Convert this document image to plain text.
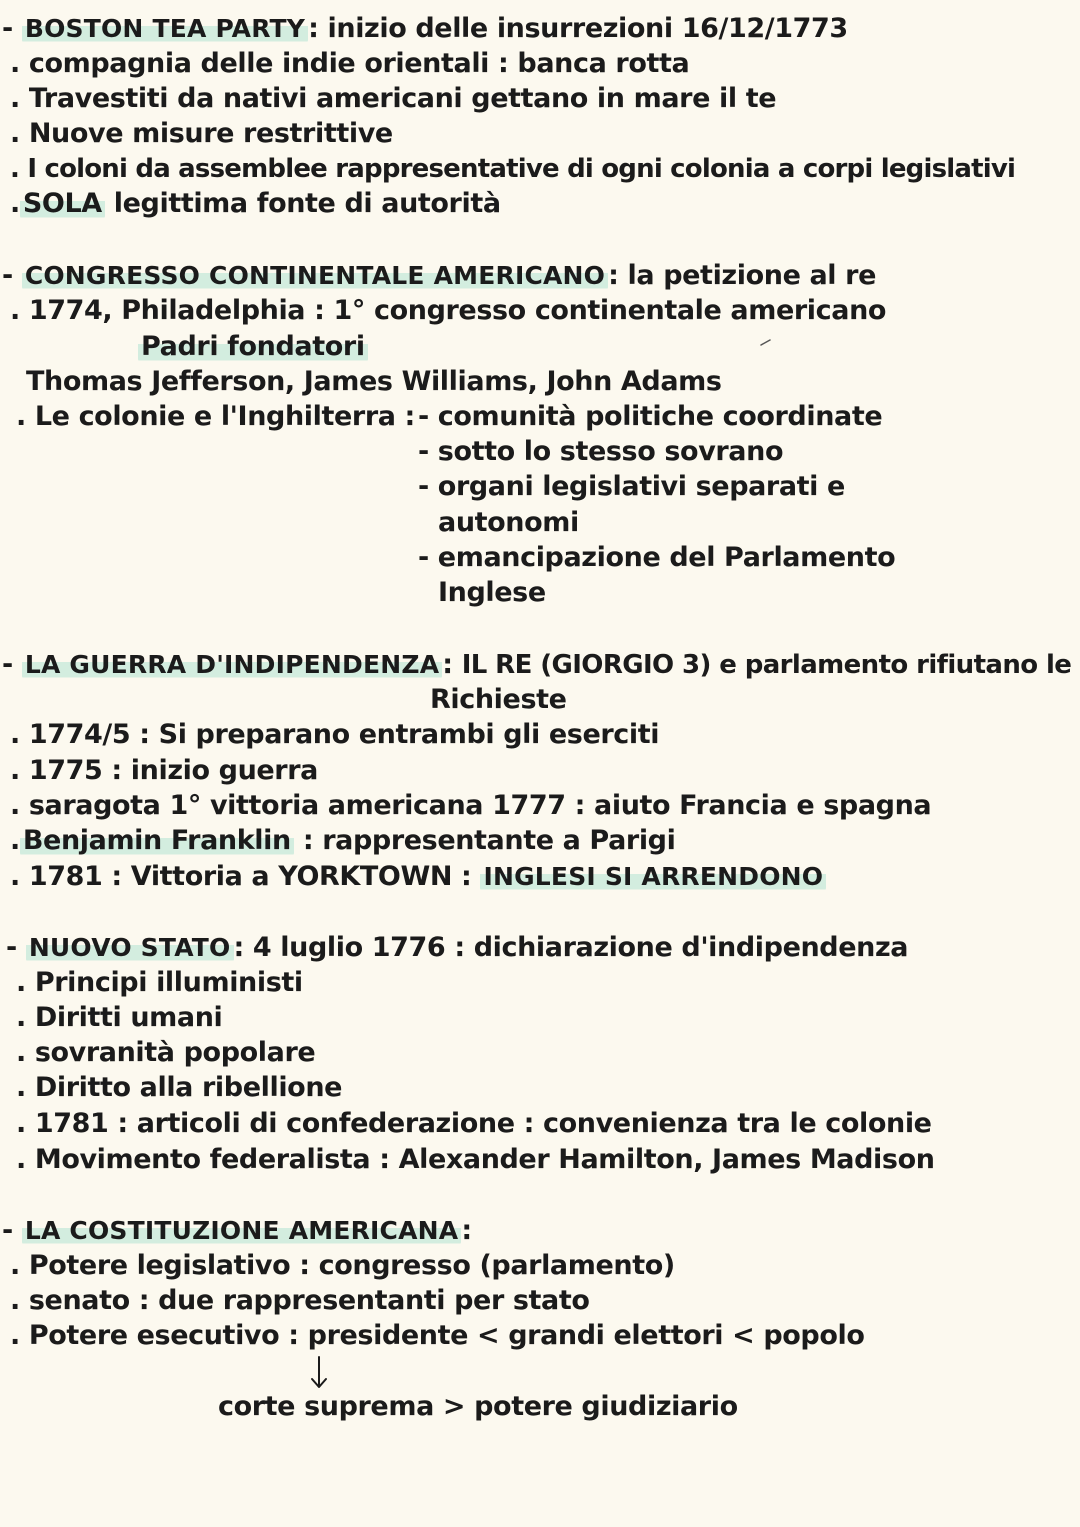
- BOSTON TEA PARTY : inizio delle insurrezioni 16/12/1773
. compagnia delle indie orientali : banca rotta
. Travestiti da nativi americani gettano in mare il te
. Nuove misure restrittive
. I coloni da assemblee rappresentative di ogni colonia a corpi legislativi
. SOLA legittima fonte di autorità
- CONGRESSO CONTINENTALE AMERICANO : la petizione al re
. 1774, Philadelphia : 1° congresso continentale americano
Padri fondatori
Thomas Jefferson, James Williams, John Adams
. Le colonie e l'Inghilterra : - comunità politiche coordinate
- sotto lo stesso sovrano
- organi legislativi separati e
autonomi
- emancipazione del Parlamento
Inglese
- LA GUERRA D'INDIPENDENZA : IL RE (GIORGIO 3) e parlamento rifiutano le
Richieste
. 1774/5 : Si preparano entrambi gli eserciti
. 1775 : inizio guerra
. saragota 1° vittoria americana 1777 : aiuto Francia e spagna
. Benjamin Franklin : rappresentante a Parigi
. 1781 : Vittoria a YORKTOWN : INGLESI SI ARRENDONO
- NUOVO STATO : 4 luglio 1776 : dichiarazione d'indipendenza
. Principi illuministi
. Diritti umani
. sovranità popolare
. Diritto alla ribellione
. 1781 : articoli di confederazione : convenienza tra le colonie
. Movimento federalista : Alexander Hamilton, James Madison
- LA COSTITUZIONE AMERICANA :
. Potere legislativo : congresso (parlamento)
. senato : due rappresentanti per stato
. Potere esecutivo : presidente < grandi elettori < popolo
corte suprema > potere giudiziario
